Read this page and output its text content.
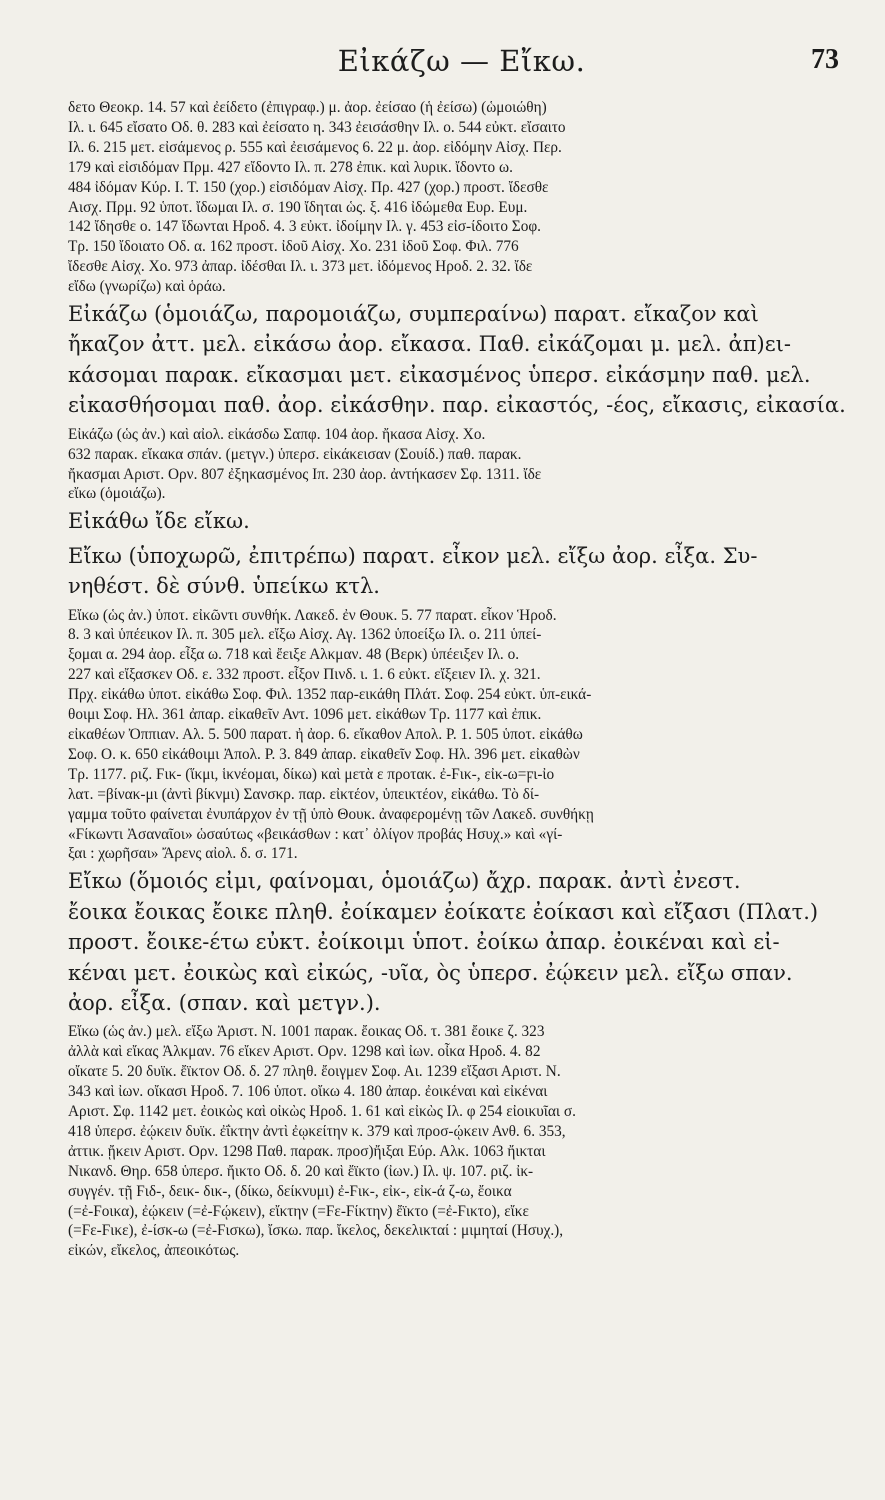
Εἰκάζω — Εἴκω.	73
δετο Θεοκρ. 14. 57 καὶ ἐείδετο (ἐπιγραφ.) μ. ἀορ. ἐείσαο (ἡ ἐείσω) (ὡμοιώθη)
Ιλ. ι. 645 εἴσατο Οδ. θ. 283 καὶ ἐείσατο η. 343 ἐεισάσθην Ιλ. ο. 544 εὐκτ. εἴσαιτο
Ιλ. 6. 215 μετ. εἰσάμενος ρ. 555 καὶ ἐεισάμενος 6. 22 μ. ἀορ. εἰδόμην Αἰσχ. Περ.
179 καὶ εἰσιδόμαν Πρμ. 427 εἴδοντο Ιλ. π. 278 ἐπικ. καὶ λυρικ. ἴδοντο ω.
484 ἰδόμαν Κύρ. Ι. Τ. 150 (χορ.) εἰσιδόμαν Αἰσχ. Πρ. 427 (χορ.) προστ. ἴδεσθε
Αισχ. Πρμ. 92 ὑποτ. ἴδωμαι Ιλ. σ. 190 ἴδηται ὡς. ξ. 416 ἰδώμεθα Ευρ. Ευμ.
142 ἴδησθε ο. 147 ἴδωνται Ηροδ. 4. 3 εὐκτ. ἰδοίμην Ιλ. γ. 453 εἰσ-ίδοιτο Σοφ.
Τρ. 150 ἴδοιατο Οδ. α. 162 προστ. ἰδοῦ Αἰσχ. Χο. 231 ἰδοῦ Σοφ. Φιλ. 776
ἴδεσθε Αἰσχ. Χο. 973 ἀπαρ. ἰδέσθαι Ιλ. ι. 373 μετ. ἰδόμενος Ηροδ. 2. 32. ἴδε
εἴδω (γνωρίζω) καὶ ὁράω.
Εἰκάζω (ὁμοιάζω, παρομοιάζω, συμπεραίνω) παρατ. εἴκαζον καὶ
ἤκαζον ἀττ. μελ. εἰκάσω ἀορ. εἴκασα. Παθ. εἰκάζομαι μ. μελ. ἀπ)ει-
κάσομαι παρακ. εἴκασμαι μετ. εἰκασμένος ὑπερσ. εἰκάσμην παθ. μελ.
εἰκασθήσομαι παθ. ἀορ. εἰκάσθην. παρ. εἰκαστός, -έος, εἴκασις, εἰκασία.
Εἰκάζω (ὡς ἀν.) καὶ αἰολ. εἰκάσδω Σαπφ. 104 ἀορ. ἤκασα Αἰσχ. Χο.
632 παρακ. εἴκακα σπάν. (μετγν.) ὑπερσ. εἰκάκεισαν (Σουίδ.) παθ. παρακ.
ἤκασμαι Αριστ. Ορν. 807 ἐξηκασμένος Ιπ. 230 ἀορ. ἀντήκασεν Σφ. 1311. ἴδε
εἴκω (ὁμοιάζω).
Εἰκάθω ἴδε εἴκω.
Εἴκω (ὑποχωρῶ, ἐπιτρέπω) παρατ. εἶκον μελ. εἴξω ἀορ. εἶξα. Συ-
νηθέστ. δὲ σύνθ. ὑπείκω κτλ.
Εἴκω (ὡς ἀν.) ὑποτ. εἰκῶντι συνθήκ. Λακεδ. ἐν Θουκ. 5. 77 παρατ. εἶκον Ἡροδ.
8. 3 καὶ ὑπέεικον Ιλ. π. 305 μελ. εἴξω Αἰσχ. Αγ. 1362 ὑποείξω Ιλ. ο. 211 ὑπεί-
ξομαι α. 294 ἀορ. εἶξα ω. 718 καὶ ἔειξε Αλκμαν. 48 (Βερκ) ὑπέειξεν Ιλ. ο.
227 καὶ εἴξασκεν Οδ. ε. 332 προστ. εἶξον Πινδ. ι. 1. 6 εὐκτ. εἴξειεν Ιλ. χ. 321.
Πρχ. εἰκάθω ὑποτ. εἰκάθω Σοφ. Φιλ. 1352 παρ-εικάθη Πλάτ. Σοφ. 254 εὐκτ. ὑπ-εικά-
θοιμι Σοφ. Ηλ. 361 ἀπαρ. εἰκαθεῖν Αντ. 1096 μετ. εἰκάθων Τρ. 1177 καὶ ἐπικ.
εἰκαθέων Ὀππιαν. Αλ. 5. 500 παρατ. ἠ ἀορ. 6. εἴκαθον Απολ. Ρ. 1. 505 ὑποτ. εἰκάθω
Σοφ. Ο. κ. 650 εἰκάθοιμι Ἀπολ. Ρ. 3. 849 ἀπαρ. εἰκαθεῖν Σοφ. Ηλ. 396 μετ. εἰκαθὼν
Τρ. 1177. ριζ. Ϝικ- (ἵκμι, ἱκνέομαι, δίκω) καὶ μετὰ ε προτακ. ἐ-Ϝικ-, εἰκ-ω=ϝι-ἰο
λατ. =βίνακ-μι (ἀντὶ βίκνμι) Σανσκρ. παρ. εἰκτέον, ὑπεικτέον, εἰκάθω. Τὸ δί-
γαμμα τοῦτο φαίνεται ἐνυπάρχον ἐν τῇ ὑπὸ Θουκ. ἀναφερομένῃ τῶν Λακεδ. συνθήκῃ
«Ϝίκωντι Ἀσαναῖοι» ὡσαύτως «βεικάσθων : κατ᾽ ὀλίγον προβάς Ησυχ.» καὶ «γί-
ξαι : χωρῆσαι» Ἄρενς αἰολ. δ. σ. 171.
Εἴκω (ὅμοιός εἰμι, φαίνομαι, ὁμοιάζω) ἄχρ. παρακ. ἀντὶ ἐνεστ.
ἔοικα ἔοικας ἔοικε πληθ. ἐοίκαμεν ἐοίκατε ἐοίκασι καὶ εἴξασι (Πλατ.)
προστ. ἔοικε-έτω εὐκτ. ἐοίκοιμι ὑποτ. ἐοίκω ἀπαρ. ἐοικέναι καὶ εἰ-
κέναι μετ. ἐοικὼς καὶ εἰκώς, -υῖα, ὸς ὑπερσ. ἐῴκειν μελ. εἴξω σπαν.
ἀορ. εἶξα. (σπαν. καὶ μετγν.).
Εἴκω (ὡς ἀν.) μελ. εἴξω Ἀριστ. Ν. 1001 παρακ. ἔοικας Οδ. τ. 381 ἔοικε ζ. 323
ἀλλὰ καὶ εἴκας Ἀλκμαν. 76 εἴκεν Αριστ. Ορν. 1298 καὶ ἰων. οἶκα Ηροδ. 4. 82
οἴκατε 5. 20 δυϊκ. ἔϊκτον Οδ. δ. 27 πληθ. ἔοιγμεν Σοφ. Αι. 1239 εἴξασι Αριστ. Ν.
343 καὶ ἰων. οἴκασι Ηροδ. 7. 106 ὑποτ. οἴκω 4. 180 ἀπαρ. ἐοικέναι καὶ εἰκέναι
Αριστ. Σφ. 1142 μετ. ἐοικὼς καὶ οἰκὼς Ηροδ. 1. 61 καὶ εἰκὼς Ιλ. φ 254 εἰοικυῖαι σ.
418 ὑπερσ. ἐῴκειν δυϊκ. ἐΐκτην ἀντὶ ἐῳκείτην κ. 379 καὶ προσ-ῴκειν Ανθ. 6. 353,
ἀττικ. ᾔκειν Αριστ. Ορν. 1298 Παθ. παρακ. προσ)ἤιξαι Εύρ. Αλκ. 1063 ἤικται
Νικανδ. Θηρ. 658 ὑπερσ. ἤικτο Οδ. δ. 20 καὶ ἔϊκτο (ἰων.) Ιλ. ψ. 107. ριζ. ἰκ-
συγγέν. τῇ Ϝιδ-, δεικ- δικ-, (δίκω, δείκνυμι) ἐ-Ϝικ-, εἰκ-, εἰκ-ά ζ-ω, ἔοικα
(=ἐ-Ϝοικα), ἐῴκειν (=ἐ-Ϝῴκειν), εἴκτην (=Ϝε-Ϝίκτην) ἔϊκτο (=ἐ-Ϝικτο), εἴκε
(=Ϝε-Ϝικε), ἐ-ίσκ-ω (=ἐ-Ϝισκω), ἴσκω. παρ. ἴκελος, δεκελικταί : μιμηταί (Ησυχ.),
εἰκών, εἴκελος, ἀπεοικότως.
